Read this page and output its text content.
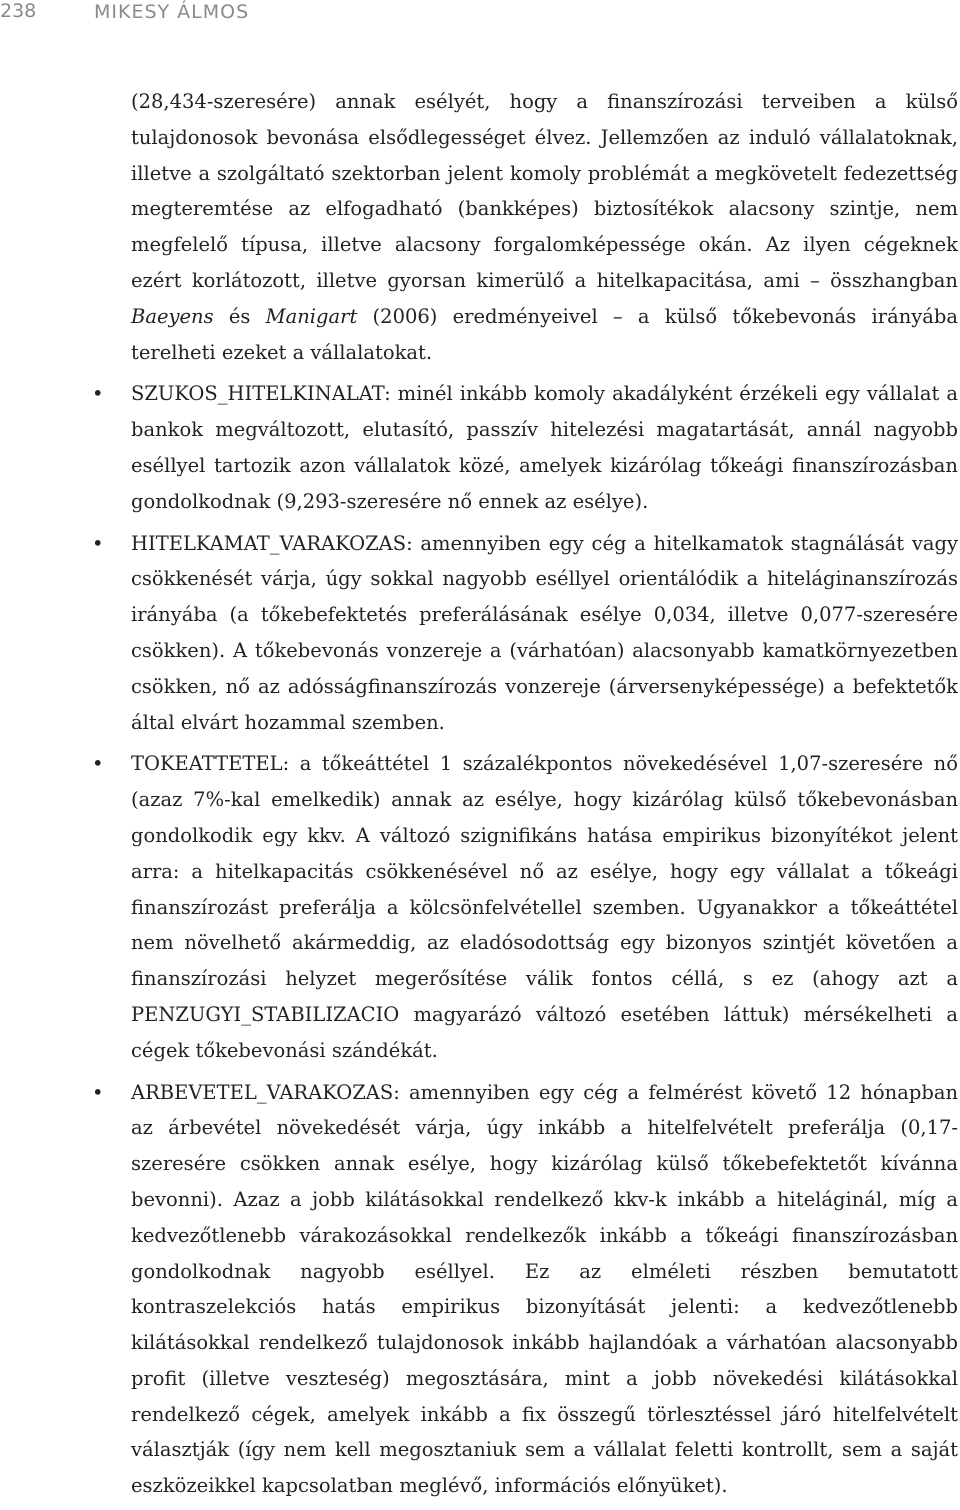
238	MIKESY ÁLMOS

(28,434-szeresére) annak esélyét, hogy a finanszírozási terveiben a külső tulajdonosok bevonása elsődlegességet élvez. Jellemzően az induló vállalatoknak, illetve a szolgáltató szektorban jelent komoly problémát a megkövetelt fedezettség megteremtése az elfogadható (bankképes) biztosítékok alacsony szintje, nem megfelelő típusa, illetve alacsony forgalomképessége okán. Az ilyen cégeknek ezért korlátozott, illetve gyorsan kimerülő a hitelkapacitása, ami – összhangban Baeyens és Manigart (2006) eredményeivel – a külső tőkebevonás irányába terelheti ezeket a vállalatokat.

• SZUKOS_HITELKINALAT: minél inkább komoly akadályként érzékeli egy vállalat a bankok megváltozott, elutasító, passzív hitelezési magatartását, annál nagyobb eséllyel tartozik azon vállalatok közé, amelyek kizárólag tőkeági finanszírozásban gondolkodnak (9,293-szeresére nő ennek az esélye).
• HITELKAMAT_VARAKOZAS: amennyiben egy cég a hitelkamatok stagnálását vagy csökkenését várja, úgy sokkal nagyobb eséllyel orientálódik a hiteláginanszírozás irányába (a tőkebefektetés preferálásának esélye 0,034, illetve 0,077-szeresére csökken). A tőkebevonás vonzereje a (várhatóan) alacsonyabb kamatkörnyezetben csökken, nő az adósságfinanszírozás vonzereje (árversenyképessége) a befektetők által elvárt hozammal szemben.
• TOKEATTETEL: a tőkeáttétel 1 százalékpontos növekedésével 1,07-szeresére nő (azaz 7%-kal emelkedik) annak az esélye, hogy kizárólag külső tőkebevonásban gondolkodik egy kkv. A változó szignifikáns hatása empirikus bizonyítékot jelent arra: a hitelkapacitás csökkenésével nő az esélye, hogy egy vállalat a tőkeági finanszírozást preferálja a kölcsönfelvétellel szemben. Ugyanakkor a tőkeáttétel nem növelhető akármeddig, az eladósodottság egy bizonyos szintjét követően a finanszírozási helyzet megerősítése válik fontos céllá, s ez (ahogy azt a PENZUGYI_STABILIZACIO magyarázó változó esetében láttuk) mérsékelheti a cégek tőkebevonási szándékát.
• ARBEVETEL_VARAKOZAS: amennyiben egy cég a felmérést követő 12 hónapban az árbevétel növekedését várja, úgy inkább a hitelfelvételt preferálja (0,17-szeresére csökken annak esélye, hogy kizárólag külső tőkebefektetőt kívánna bevonni). Azaz a jobb kilátásokkal rendelkező kkv-k inkább a hiteláginál, míg a kedvezőtlenebb várakozásokkal rendelkezők inkább a tőkeági finanszírozásban gondolkodnak nagyobb eséllyel. Ez az elméleti részben bemutatott kontraszelekciós hatás empirikus bizonyítását jelenti: a kedvezőtlenebb kilátásokkal rendelkező tulajdonosok inkább hajlandóak a várhatóan alacsonyabb profit (illetve veszteség) megosztására, mint a jobb növekedési kilátásokkal rendelkező cégek, amelyek inkább a fix összegű törlesztéssel járó hitelfelvételt választják (így nem kell megosztaniuk sem a vállalat feletti kontrollt, sem a saját eszközeikkel kapcsolatban meglévő, információs előnyüket).
